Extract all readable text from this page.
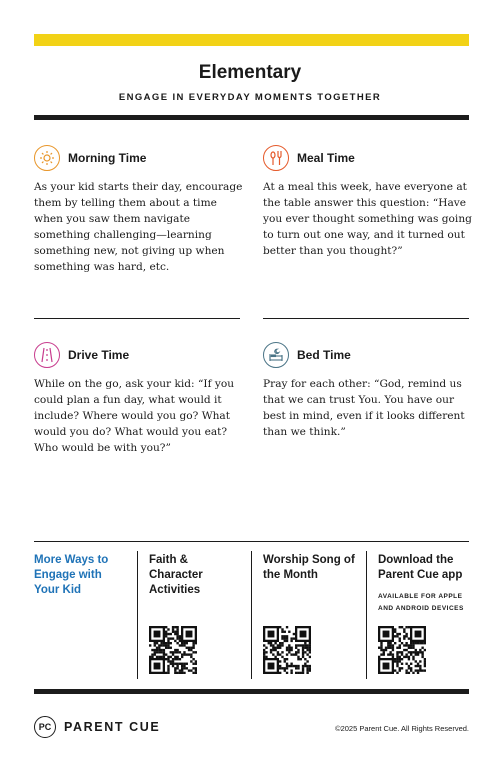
Elementary
ENGAGE IN EVERYDAY MOMENTS TOGETHER
Morning Time
As your kid starts their day, encourage them by telling them about a time when you saw them navigate something challenging—learning something new, not giving up when something was hard, etc.
Meal Time
At a meal this week, have everyone at the table answer this question: “Have you ever thought something was going to turn out one way, and it turned out better than you thought?”
Drive Time
While on the go, ask your kid: “If you could plan a fun day, what would it include? Where would you go? What would you do? What would you eat? Who would be with you?”
Bed Time
Pray for each other: “God, remind us that we can trust You. You have our best in mind, even if it looks different than we think.”
More Ways to Engage with Your Kid
Faith & Character Activities
Worship Song of the Month
Download the Parent Cue app
AVAILABLE FOR APPLE AND ANDROID DEVICES
PC	PARENT CUE	©2025 Parent Cue. All Rights Reserved.
